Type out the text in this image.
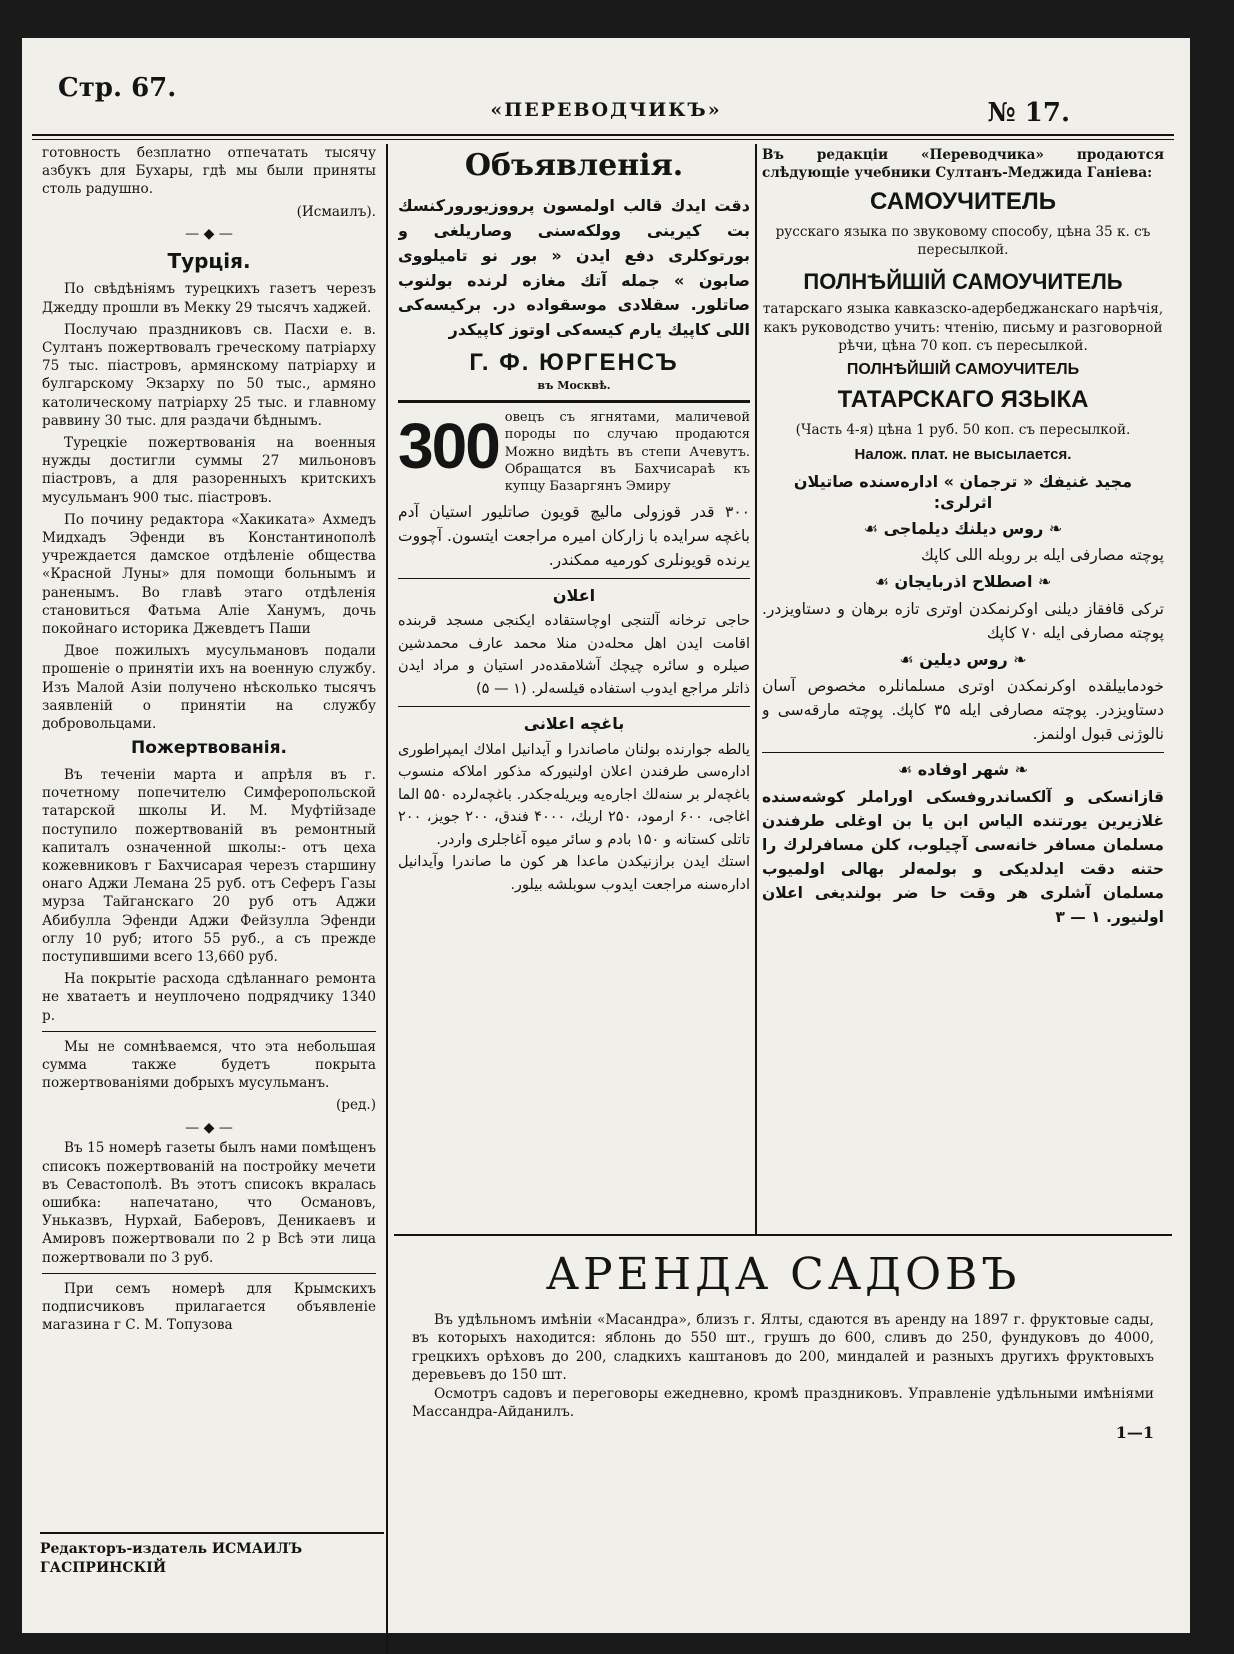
Стр. 67.
«ПЕРЕВОДЧИКЪ»	№ 17.

готовность безплатно отпечатать тысячу азбукъ для Бухары, гдѣ мы были приняты столь радушно.

(Исмаилъ).

— ◆ —
Турція.

По свѣдѣніямъ турецкихъ газетъ черезъ Джедду прошли въ Мекку 29 тысячъ хаджей.

Послучаю праздниковъ св. Пасхи е. в. Султанъ пожертвовалъ греческому патріарху 75 тыс. піастровъ, армянскому патріарху и булгарскому Экзарху по 50 тыс., армяно католическому патріарху 25 тыс. и главному раввину 30 тыс. для раздачи бѣднымъ.

Турецкіе пожертвованія на военныя нужды достигли суммы 27 мильоновъ піастровъ, а для разоренныхъ критскихъ мусульманъ 900 тыс. піастровъ.

По почину редактора «Хакиката» Ахмедъ Мидхадъ Эфенди въ Константинополѣ учреждается дамское отдѣленіе общества «Красной Луны» для помощи больнымъ и раненымъ. Во главѣ этаго отдѣленія становиться Фатьма Аліе Ханумъ, дочь покойнаго историка Джевдетъ Паши

Двое пожилыхъ мусульмановъ подали прошеніе о принятіи ихъ на военную службу. Изъ Малой Азіи получено нѣсколько тысячъ заявленій о принятіи на службу добровольцами.

Пожертвованія.

Въ теченіи марта и апрѣля въ г. почетному попечителю Симферопольской татарской школы И. М. Муфтійзаде поступило пожертвованій въ ремонтный капиталъ означенной школы:- отъ цеха кожевниковъ г Бахчисарая черезъ старшину онаго Аджи Лемана 25 руб. отъ Сеферъ Газы мурза Тайганскаго 20 руб отъ Аджи Абибулла Эфенди Аджи Фейзулла Эфенди оглу 10 руб; итого 55 руб., а съ прежде поступившими всего 13,660 руб.

На покрытіе расхода сдѣланнаго ремонта не хватаетъ и неуплочено подрядчику 1340 р.

Мы не сомнѣваемся, что эта небольшая сумма также будетъ покрыта пожертвованіями добрыхъ мусульманъ.

(ред.)

— ◆ —

Въ 15 номерѣ газеты былъ нами помѣщенъ списокъ пожертвованій на постройку мечети въ Севастополѣ. Въ этотъ списокъ вкралась ошибка: напечатано, что Османовъ, Уньказвъ, Нурхай, Баберовъ, Деникаевъ и Амировъ пожертвовали по 2 р Всѣ эти лица пожертвовали по 3 руб.

При семъ номерѣ для Крымскихъ подписчиковъ прилагается объявленіе магазина г С. М. Топузова

Объявленія.
دقت ایدك قالب اولمسون پرووزیوروركنسك بت كیرینی وولكه‌سنی وصاریلغی و بورتوكلری دفع ایدن « بور نو تاميلووی صابون » جمله آتك مغازه لرنده بولنوب صاتلور. سقلادی موسقواده در. بركیسه‌كی اللی كاپیك یارم كیسه‌كی اوتوز كاپیكدر
Г. Ф. ЮРГЕНСЪ
въ Москвѣ.
300 овецъ съ ягнятами, маличевой породы по случаю продаются Можно видѣть въ степи Ачевутъ. Обращатся въ Бахчисараѣ къ купцу Базаргянъ Эмиру

۳۰۰ قدر قوزولی مالیچ قویون صاتلیور استیان آدم باغچه سرایده با زاركان امیره مراجعت ایتسون. آچووت یرنده قویونلری كورمیه ممكندر.
اعلان
حاجی ترخانه آلتنجی اوچاستقاده ایكنجی مسجد قربنده اقامت ایدن اهل محله‌دن منلا محمد عارف محمدشین صیلره و سائره چیچك آشلامقده‌در استیان و مراد ایدن ذاتلر مراجع ايدوب استفاده قيلسه‌لر. (۱ — ۵)
باغچه اعلانی
یالطه جوارنده بولنان ماصاندرا و آیدانیل املاك ایمپراطوری اداره‌سی طرفندن اعلان اولنیوركه مذكور املاكه منسوب باغچه‌لر بر سنه‌لك اجاره‌يه ويريله‌جكدر. باغچه‌لرده ۵۵۰ الما اغاجی، ۶۰۰ ارمود، ۲۵۰ اریك، ۴۰۰۰ فندق، ۲۰۰ جویز، ۲۰۰ تاتلی كستانه و ۱۵۰ بادم و سائر میوه آغاجلری واردر.
استك ایدن برازنیكدن ماعدا هر كون ما صاندرا وآیدانیل اداره‌سنه مراجعت ایدوب سوبلشه بيلور.

Въ редакціи «Переводчика» продаются слѣдующіе учебники Султанъ-Меджида Ганіева:

САМОУЧИТЕЛЬ

русскаго языка по звуковому способу, цѣна 35 к. съ пересылкой.

ПОЛНѢЙШІЙ САМОУЧИТЕЛЬ

татарскаго языка кавказско-адербеджанскаго нарѣчія, какъ руководство учить: чтенію, письму и разговорной рѣчи, цѣна 70 коп. съ пересылкой.

ПОЛНѢЙШІЙ САМОУЧИТЕЛЬ
ТАТАРСКАГО ЯЗЫКА

(Часть 4-я) цѣна 1 руб. 50 коп. съ пересылкой.

Налож. плат. не высылается.
مجید غنیفك « ترجمان » اداره‌سنده صاتیلان اثرلری:
❧ روس دیلنك دیلماجی ☙
پوچته مصارفی ایله بر روبله اللی كاپك
❧ اصطلاح اذربایجان ☙
تركی قافقاز دیلنی اوكرنمكدن اوترى تازه برهان و دستاويزدر. پوچته مصارفی ایله ۷۰ كاپك
❧ روس دیلین ☙
خودمابیلقده اوكرنمكدن اوترى مسلمانلره مخصوص آسان دستاويزدر. پوچته مصارفی ایله ۳۵ كاپك. پوچته مارقه‌سی و نالوژنی قبول اولنمز.
❧ شهر اوفاده ☙
قازانسكی و آلكساندروفسكی اوراملر كوشه‌سنده غلازيرين يورتنده الياس ابن يا بن اوغلی طرفندن مسلمان مسافر خانه‌سی آچيلوب، كلن مسافرلرك را حتنه دقت ایدلديكی و بولمه‌لر بهالی اولميوب مسلمان آشلری هر وقت حا ضر بولندیغی اعلان اولنیور. ۱ — ۳
АРЕНДА САДОВЪ

Въ удѣльномъ имѣніи «Масандра», близъ г. Ялты, сдаются въ аренду на 1897 г. фруктовые сады, въ которыхъ находится: яблонь до 550 шт., грушъ до 600, сливъ до 250, фундуковъ до 4000, грецкихъ орѣховъ до 200, сладкихъ каштановъ до 200, миндалей и разныхъ другихъ фруктовыхъ деревьевъ до 150 шт.

Осмотръ садовъ и переговоры ежедневно, кромѣ праздниковъ. Управленіе удѣльными имѣніями Массандра-Айданилъ.

1—1

Редакторъ-издатель ИСМАИЛЪ ГАСПРИНСКІЙ
